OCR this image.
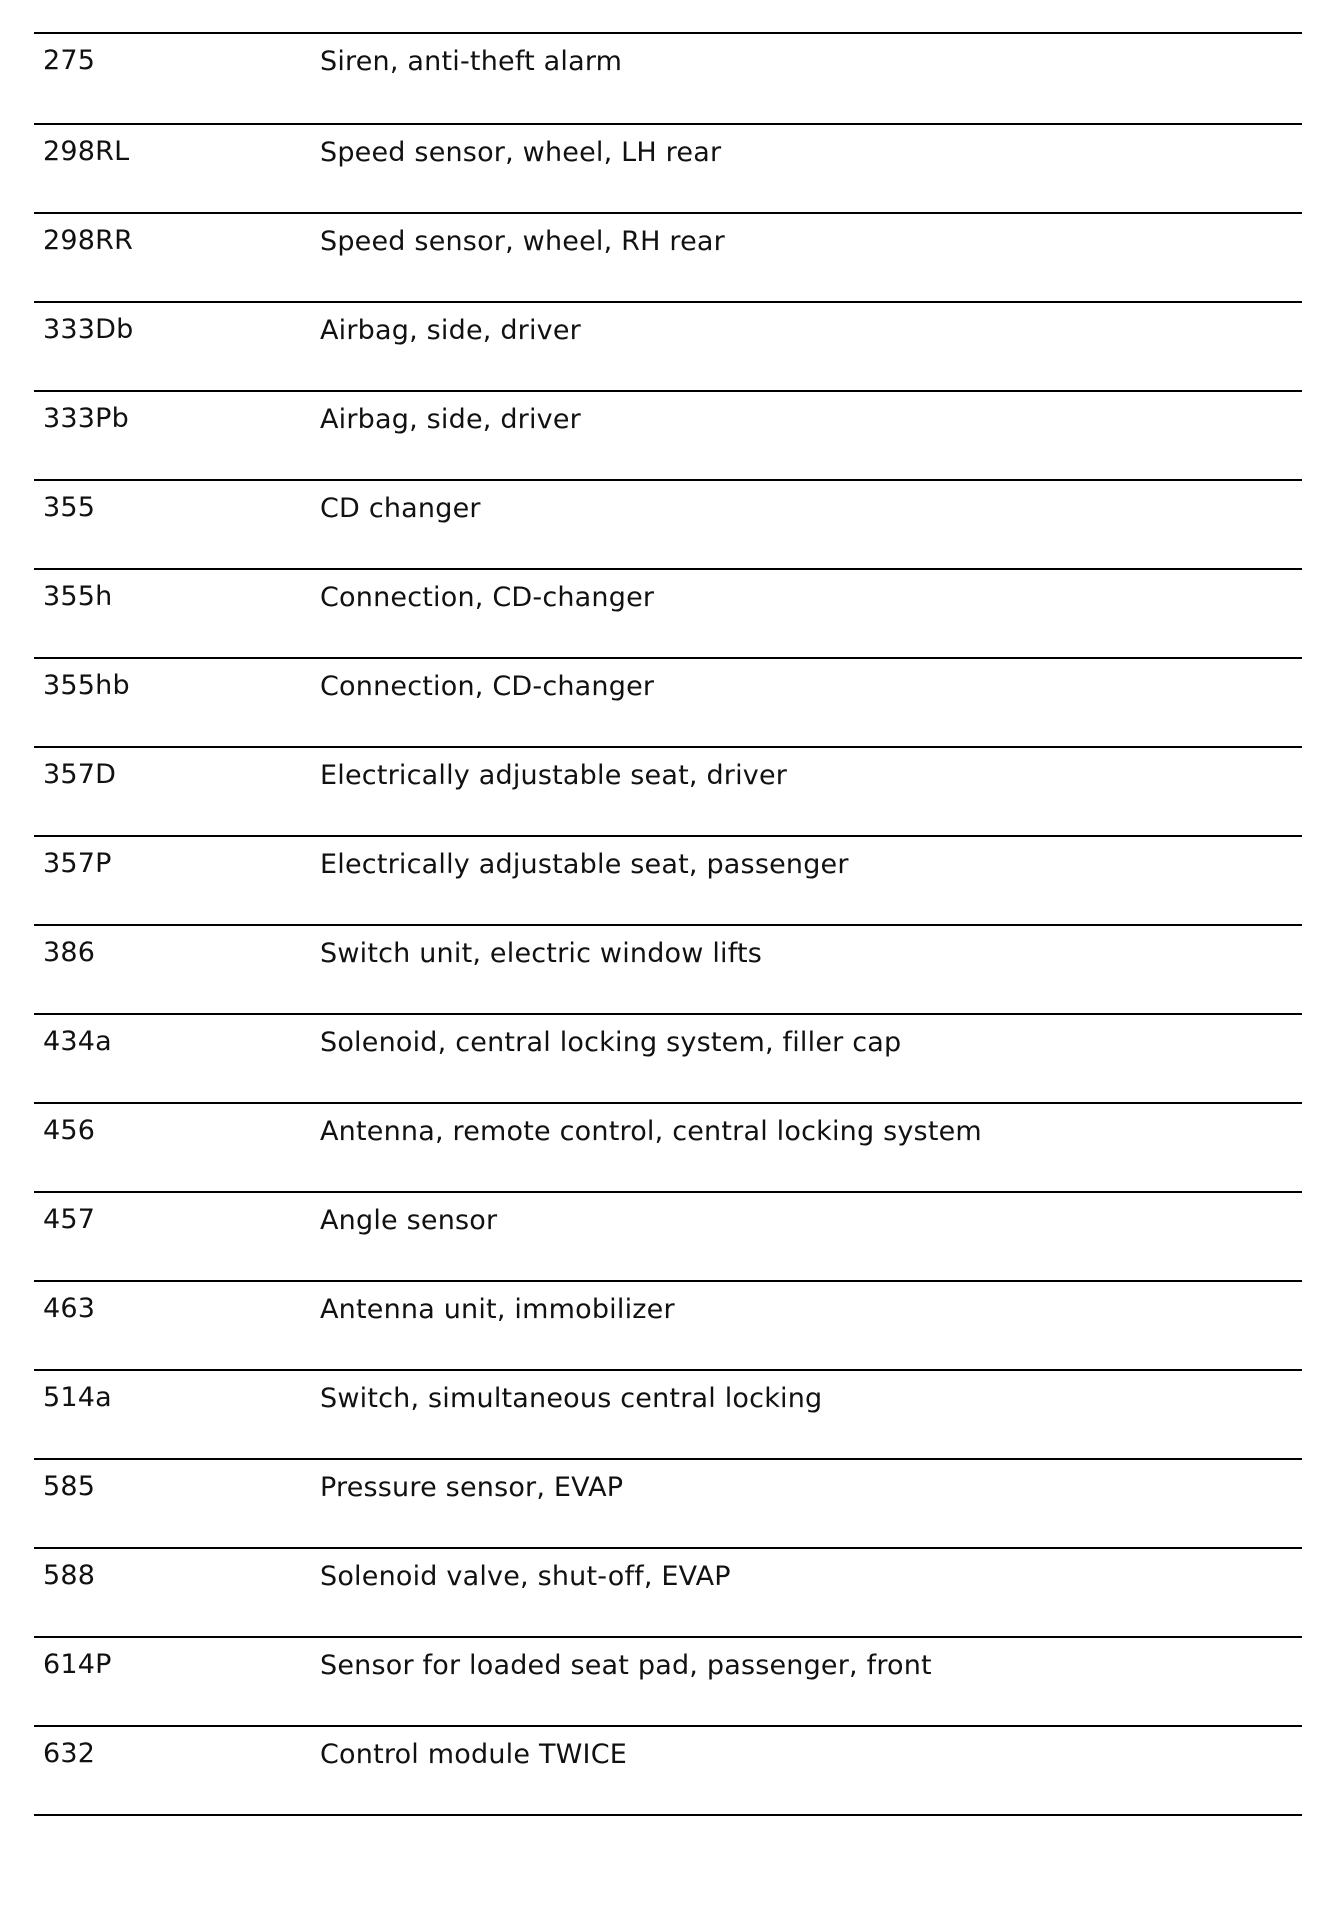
275	Siren, anti-theft alarm
298RL	Speed sensor, wheel, LH rear
298RR	Speed sensor, wheel, RH rear
333Db	Airbag, side, driver
333Pb	Airbag, side, driver
355	CD changer
355h	Connection, CD-changer
355hb	Connection, CD-changer
357D	Electrically adjustable seat, driver
357P	Electrically adjustable seat, passenger
386	Switch unit, electric window lifts
434a	Solenoid, central locking system, filler cap
456	Antenna, remote control, central locking system
457	Angle sensor
463	Antenna unit, immobilizer
514a	Switch, simultaneous central locking
585	Pressure sensor, EVAP
588	Solenoid valve, shut-off, EVAP
614P	Sensor for loaded seat pad, passenger, front
632	Control module TWICE
